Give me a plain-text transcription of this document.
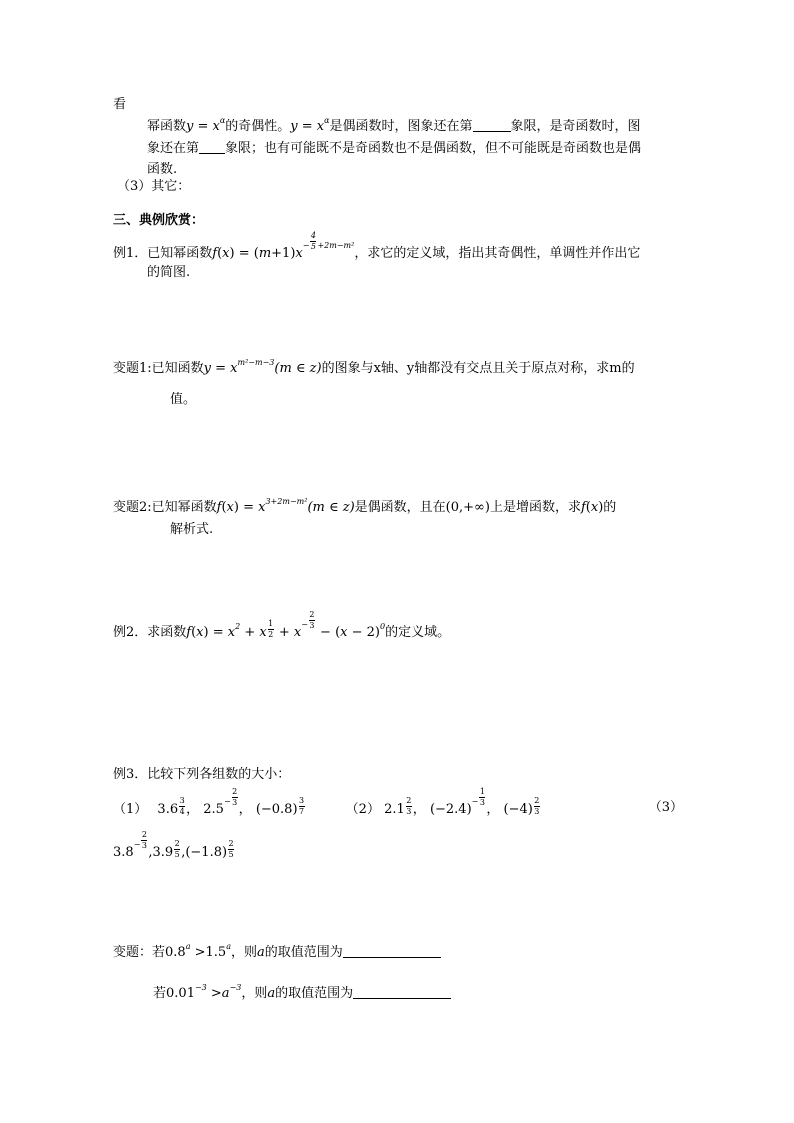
看
幂函数$y = x^\alpha$的奇偶性。$y = x^\alpha$是偶函数时，图象还在第	象限，是奇函数时，图
象还在第 象限；也有可能既不是奇函数也不是偶函数，但不可能既是奇函数也是偶
函数.
（3）其它：
三、典例欣赏：
例1．已知幂函数$f(x) = (m+1)x^{- \frac{4}{5} +2m-m^2}$，求它的定义域，指出其奇偶性，单调性并作出它
的简图.
变题1:已知函数$y = x^{m^2-m-3}(m$ ∈ z)的图象与x轴、y轴都没有交点且关于原点对称，求m的
值。
变题2:已知幂函数$f(x) = x^{3+2m-m^2}(m$ ∈ z)是偶函数，且在(0,+∞)上是增函数，求f(x)的
解析式.
例2．求函数$f(x) = x^2 + x \frac{1}{2} + x^{- \frac{2}{3}}$
− $(x - 2)^0$的定义域。
例3．比较下列各组数的大小：
（1） $3.6 \frac{3}{4}$ ， $2.5^{- \frac{2}{3}}$
， $(-0.8) \frac{3}{7}$	（2） $2.1 \frac{2}{3}$ ， $(-2.4)^{- \frac{1}{3}}$
， $(-4) \frac{2}{3}$	（3）
$3.8^{- \frac{2}{3}}$
$,3.9 \frac{2}{5} ,(-1.8) \frac{2}{5}$
变题：若0.8$^a$ >1.5$^a$，则a的取值范围为
若$0.01^{-3} >a^{-3}$，则a的取值范围为
